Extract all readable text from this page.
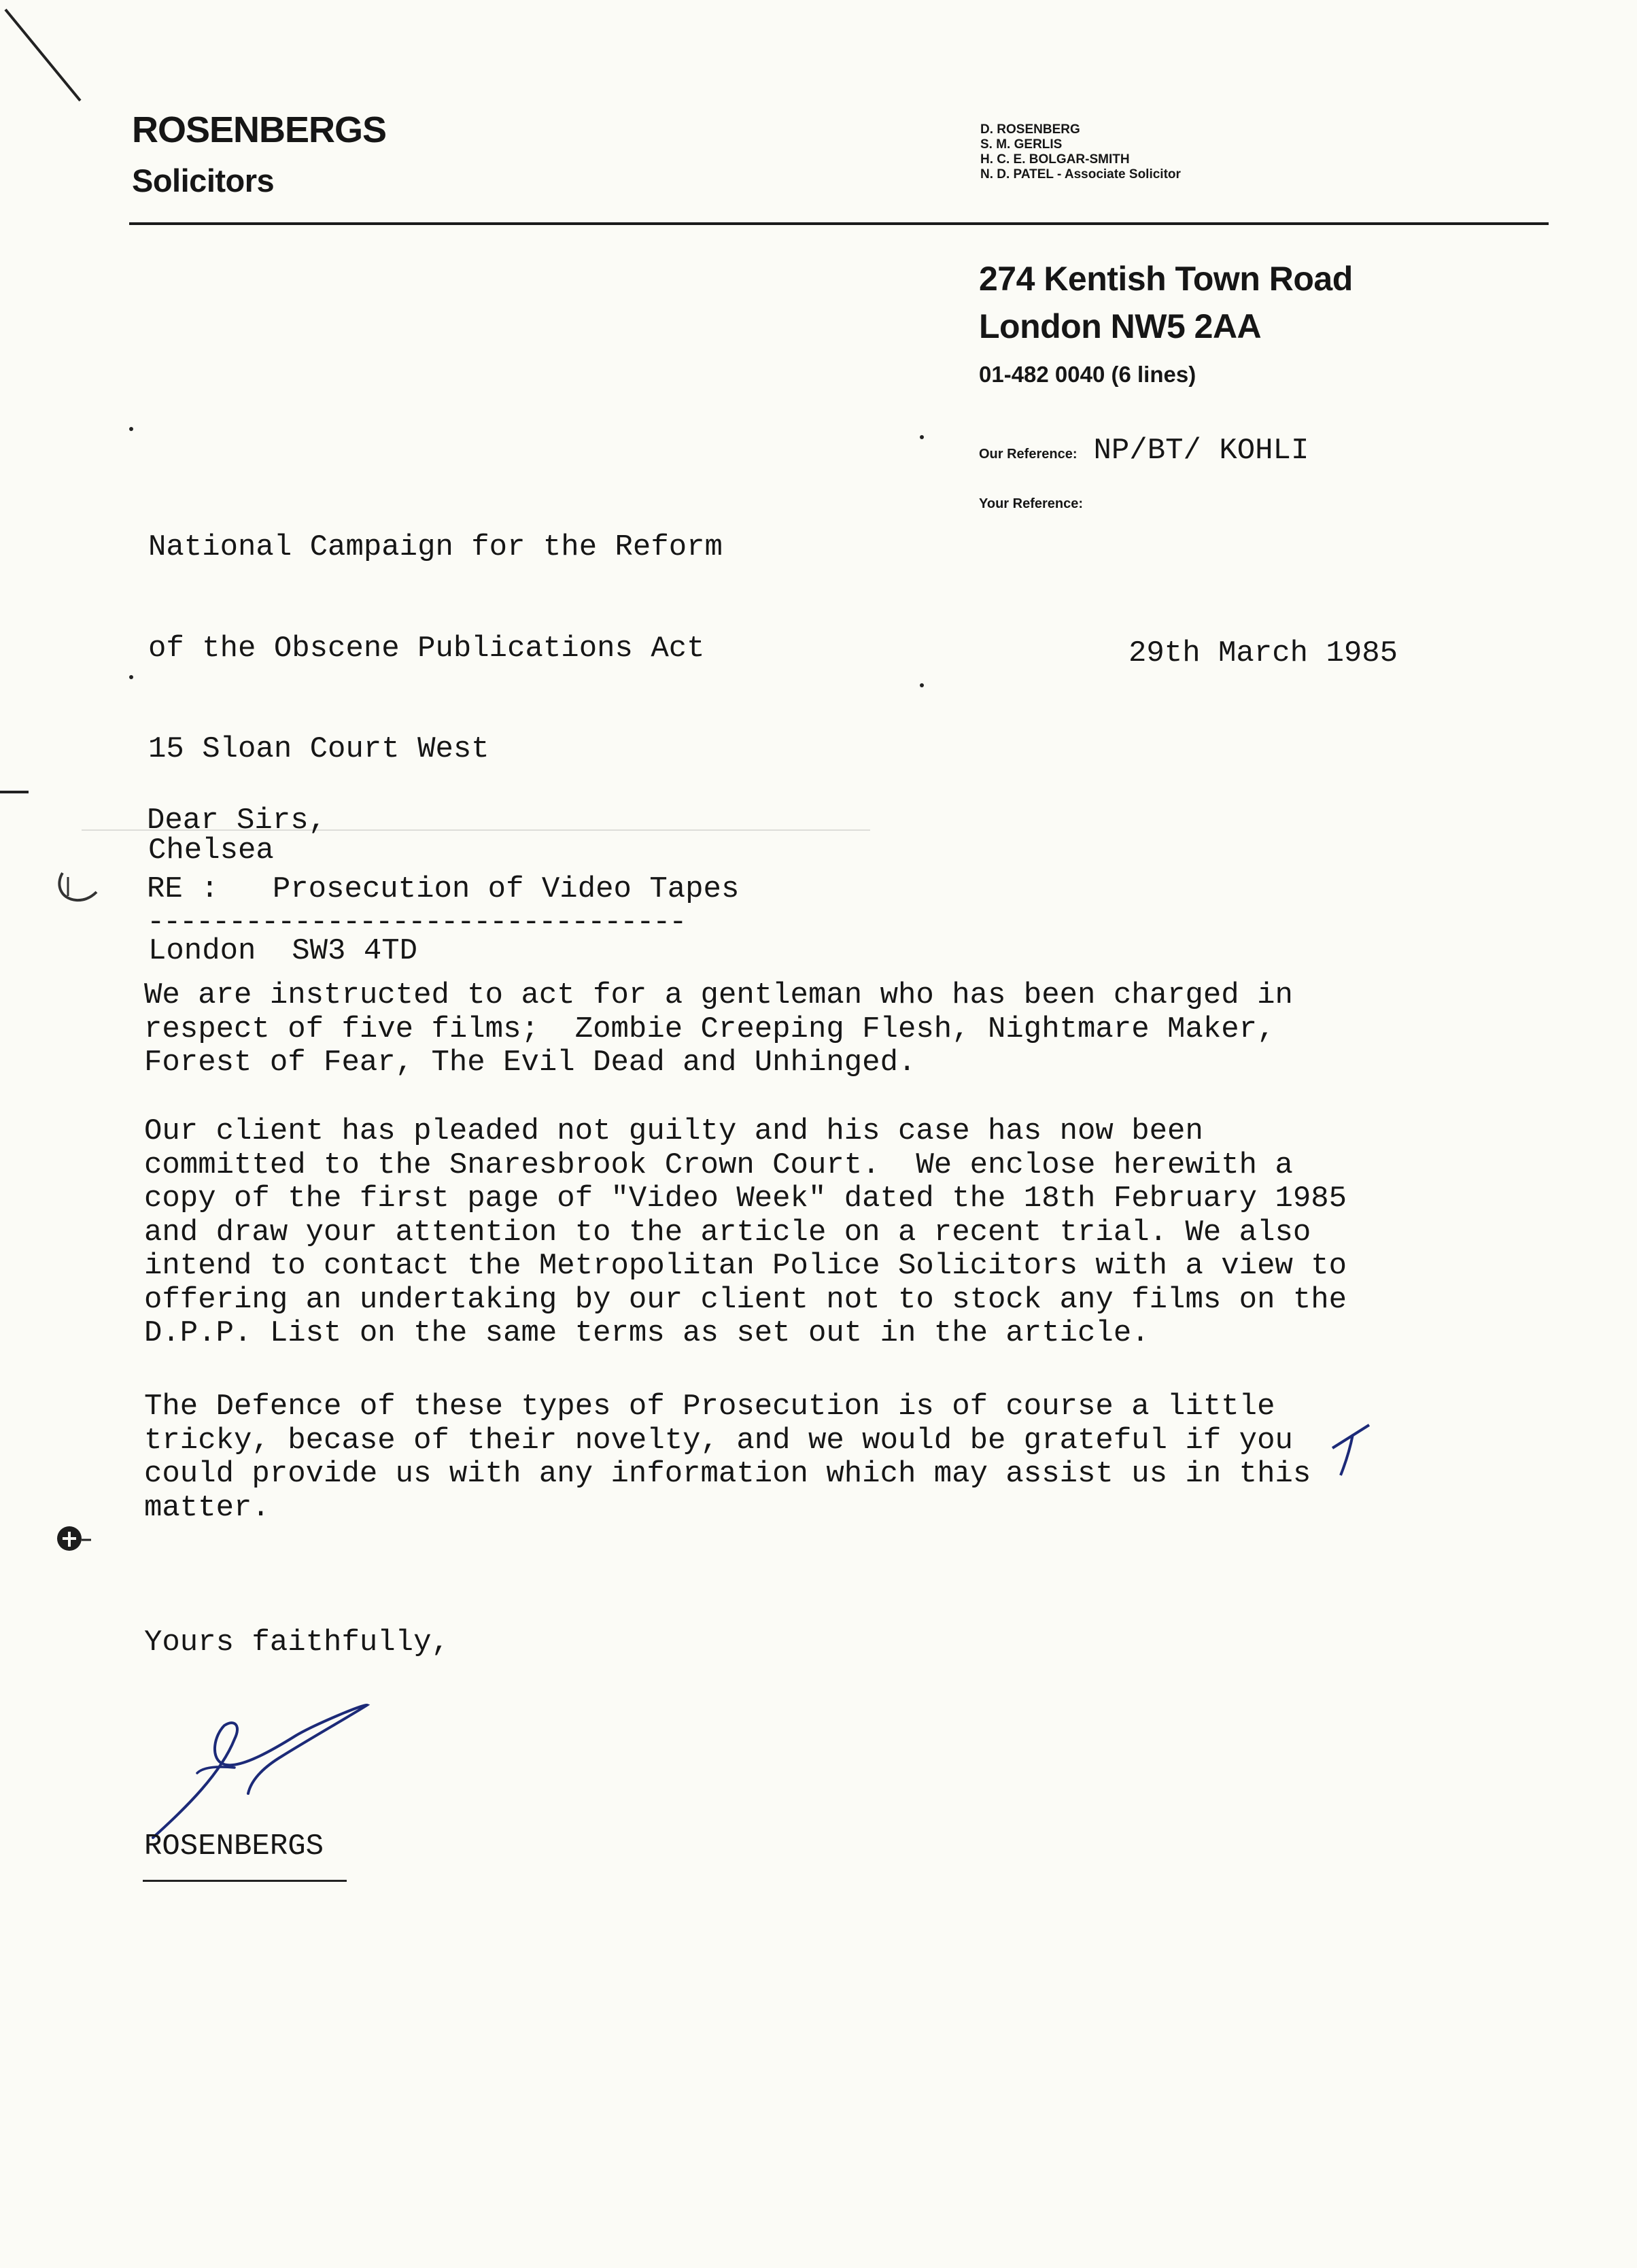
ROSENBERGS
Solicitors
D. ROSENBERG
S. M. GERLIS
H. C. E. BOLGAR-SMITH
N. D. PATEL - Associate Solicitor
274 Kentish Town Road
London NW5 2AA
01-482 0040 (6 lines)
Our Reference: NP/BT/ KOHLI
Your Reference:

National Campaign for the Reform

of the Obscene Publications Act

15 Sloan Court West

Chelsea

London  SW3 4TD

29th March 1985
Dear Sirs,
RE :   Prosecution of Video Tapes
---------------------------------
We are instructed to act for a gentleman who has been charged in
respect of five films;  Zombie Creeping Flesh, Nightmare Maker,
Forest of Fear, The Evil Dead and Unhinged.
Our client has pleaded not guilty and his case has now been
committed to the Snaresbrook Crown Court.  We enclose herewith a
copy of the first page of "Video Week" dated the 18th February 1985
and draw your attention to the article on a recent trial. We also
intend to contact the Metropolitan Police Solicitors with a view to
offering an undertaking by our client not to stock any films on the
D.P.P. List on the same terms as set out in the article.
The Defence of these types of Prosecution is of course a little
tricky, becase of their novelty, and we would be grateful if you
could provide us with any information which may assist us in this
matter.
Yours faithfully,
ROSENBERGS
